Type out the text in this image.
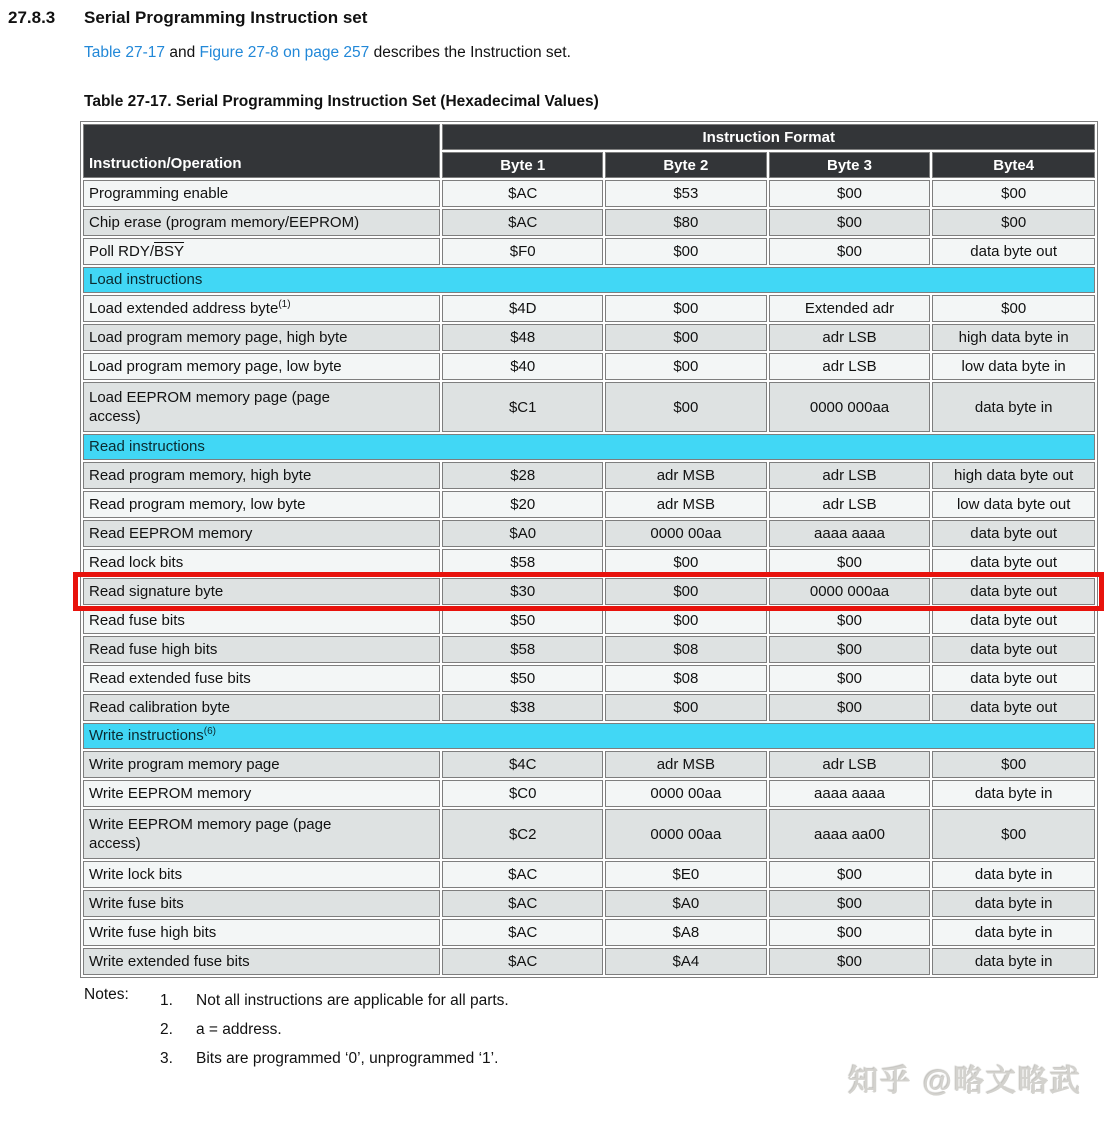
27.8.3	Serial Programming Instruction set

Table 27-17 and Figure 27-8 on page 257 describes the Instruction set.

Table 27-17. Serial Programming Instruction Set (Hexadecimal Values)
Instruction/Operation	Instruction Format			
	Byte 1	Byte 2	Byte 3	Byte4
Programming enable	$AC	$53	$00	$00
Chip erase (program memory/EEPROM)	$AC	$80	$00	$00
Poll RDY/$\overline{BSY}$	$F0	$00	$00	data byte out
Load instructions				
Load extended address byte$^{(1)}$	$4D	$00	Extended adr	$00
Load program memory page, high byte	$48	$00	adr LSB	high data byte in
Load program memory page, low byte	$40	$00	adr LSB	low data byte in
Load EEPROM memory page (page
access)	$C1	$00	0000 000aa	data byte in
Read instructions				
Read program memory, high byte	$28	adr MSB	adr LSB	high data byte out
Read program memory, low byte	$20	adr MSB	adr LSB	low data byte out
Read EEPROM memory	$A0	0000 00aa	aaaa aaaa	data byte out
Read lock bits	$58	$00	$00	data byte out
Read signature byte	$30	$00	0000 000aa	data byte out
Read fuse bits	$50	$00	$00	data byte out
Read fuse high bits	$58	$08	$00	data byte out
Read extended fuse bits	$50	$08	$00	data byte out
Read calibration byte	$38	$00	$00	data byte out
Write instructions$^{(6)}$
Write program memory page	$4C	adr MSB	adr LSB	$00
Write EEPROM memory	$C0	0000 00aa	aaaa aaaa	data byte in
Write EEPROM memory page (page
access)	$C2	0000 00aa	aaaa aa00	$00
Write lock bits	$AC	$E0	$00	data byte in
Write fuse bits	$AC	$A0	$00	data byte in
Write fuse high bits	$AC	$A8	$00	data byte in
Write extended fuse bits	$AC	$A4	$00	data byte in
Notes:	1.	Not all instructions are applicable for all parts.
2.	a = address.
3.	Bits are programmed ‘0’, unprogrammed ‘1’.
知乎 @略文略武
